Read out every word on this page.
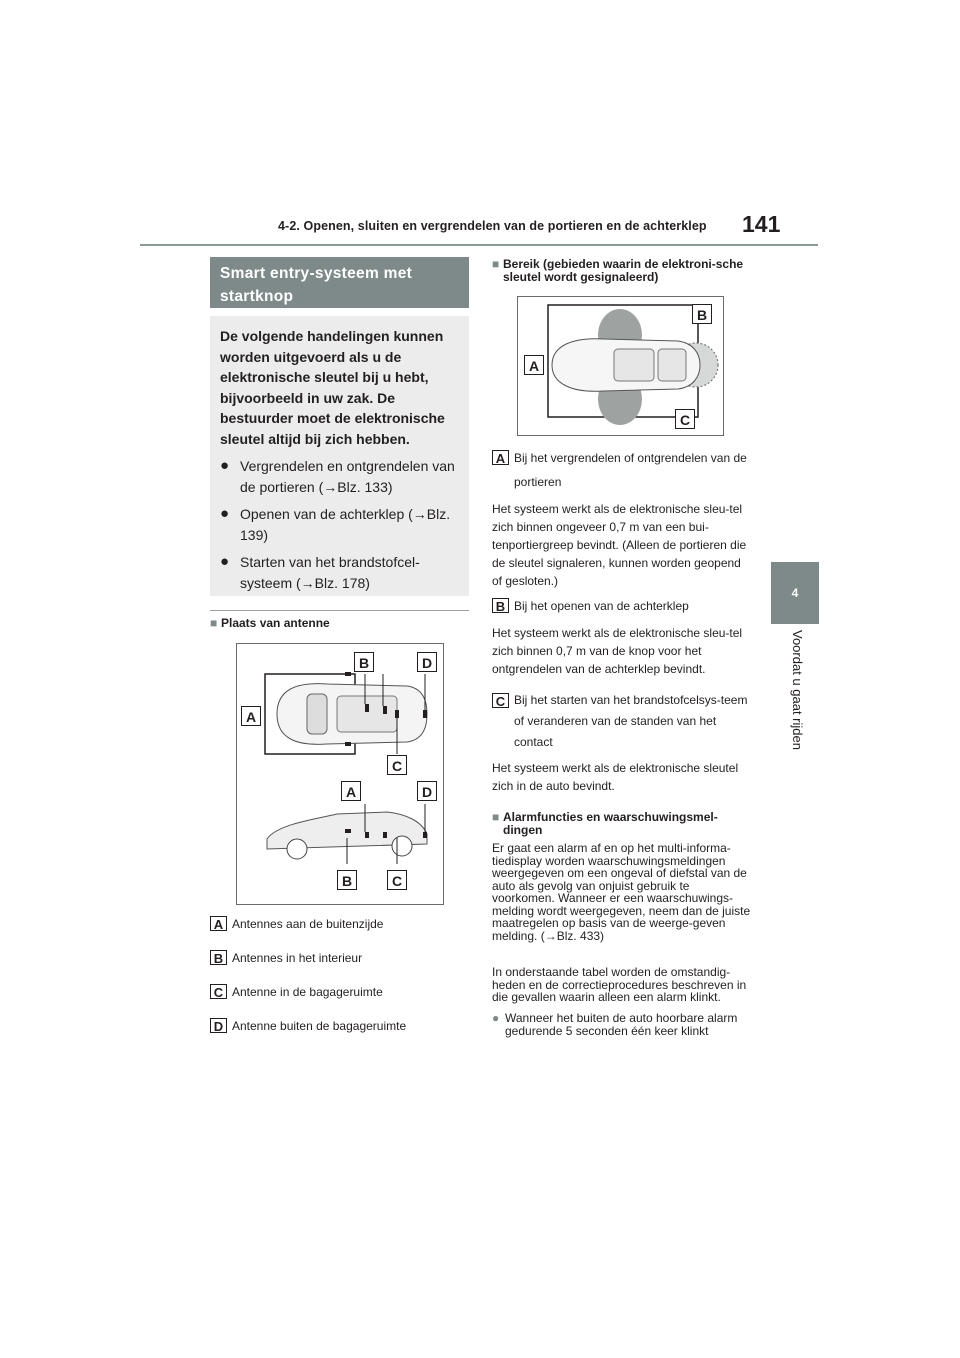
4-2. Openen, sluiten en vergrendelen van de portieren en de achterklep 141
4
Voordat u gaat rijden
Smart entry-systeem met startknop
De volgende handelingen kunnen worden uitgevoerd als u de elektronische sleutel bij u hebt, bijvoorbeeld in uw zak. De bestuurder moet de elektronische sleutel altijd bij zich hebben.
● Vergrendelen en ontgrendelen van de portieren (→Blz. 133)
● Openen van de achterklep (→Blz. 139)
● Starten van het brandstofcel-systeem (→Blz. 178)
■ Plaats van antenne
A
B	D
C
A	D
B	C
A Antennes aan de buitenzijde
B Antennes in het interieur
C Antenne in de bagageruimte
D Antenne buiten de bagageruimte
■ Bereik (gebieden waarin de elektroni-sche sleutel wordt gesignaleerd)
A
B
C
A Bij het vergrendelen of ontgrendelen van de portieren
Het systeem werkt als de elektronische sleu-tel zich binnen ongeveer 0,7 m van een bui-tenportiergreep bevindt. (Alleen de portieren die de sleutel signaleren, kunnen worden geopend of gesloten.)
B Bij het openen van de achterklep
Het systeem werkt als de elektronische sleu-tel zich binnen 0,7 m van de knop voor het ontgrendelen van de achterklep bevindt.
C Bij het starten van het brandstofcelsys-teem of veranderen van de standen van het contact
Het systeem werkt als de elektronische sleutel zich in de auto bevindt.
■ Alarmfuncties en waarschuwingsmel-dingen
Er gaat een alarm af en op het multi-informa-tiedisplay worden waarschuwingsmeldingen weergegeven om een ongeval of diefstal van de auto als gevolg van onjuist gebruik te voorkomen. Wanneer er een waarschuwings-melding wordt weergegeven, neem dan de juiste maatregelen op basis van de weerge-geven melding. (→Blz. 433)
In onderstaande tabel worden de omstandig-heden en de correctieprocedures beschreven in die gevallen waarin alleen een alarm klinkt.
● Wanneer het buiten de auto hoorbare alarm gedurende 5 seconden één keer klinkt
